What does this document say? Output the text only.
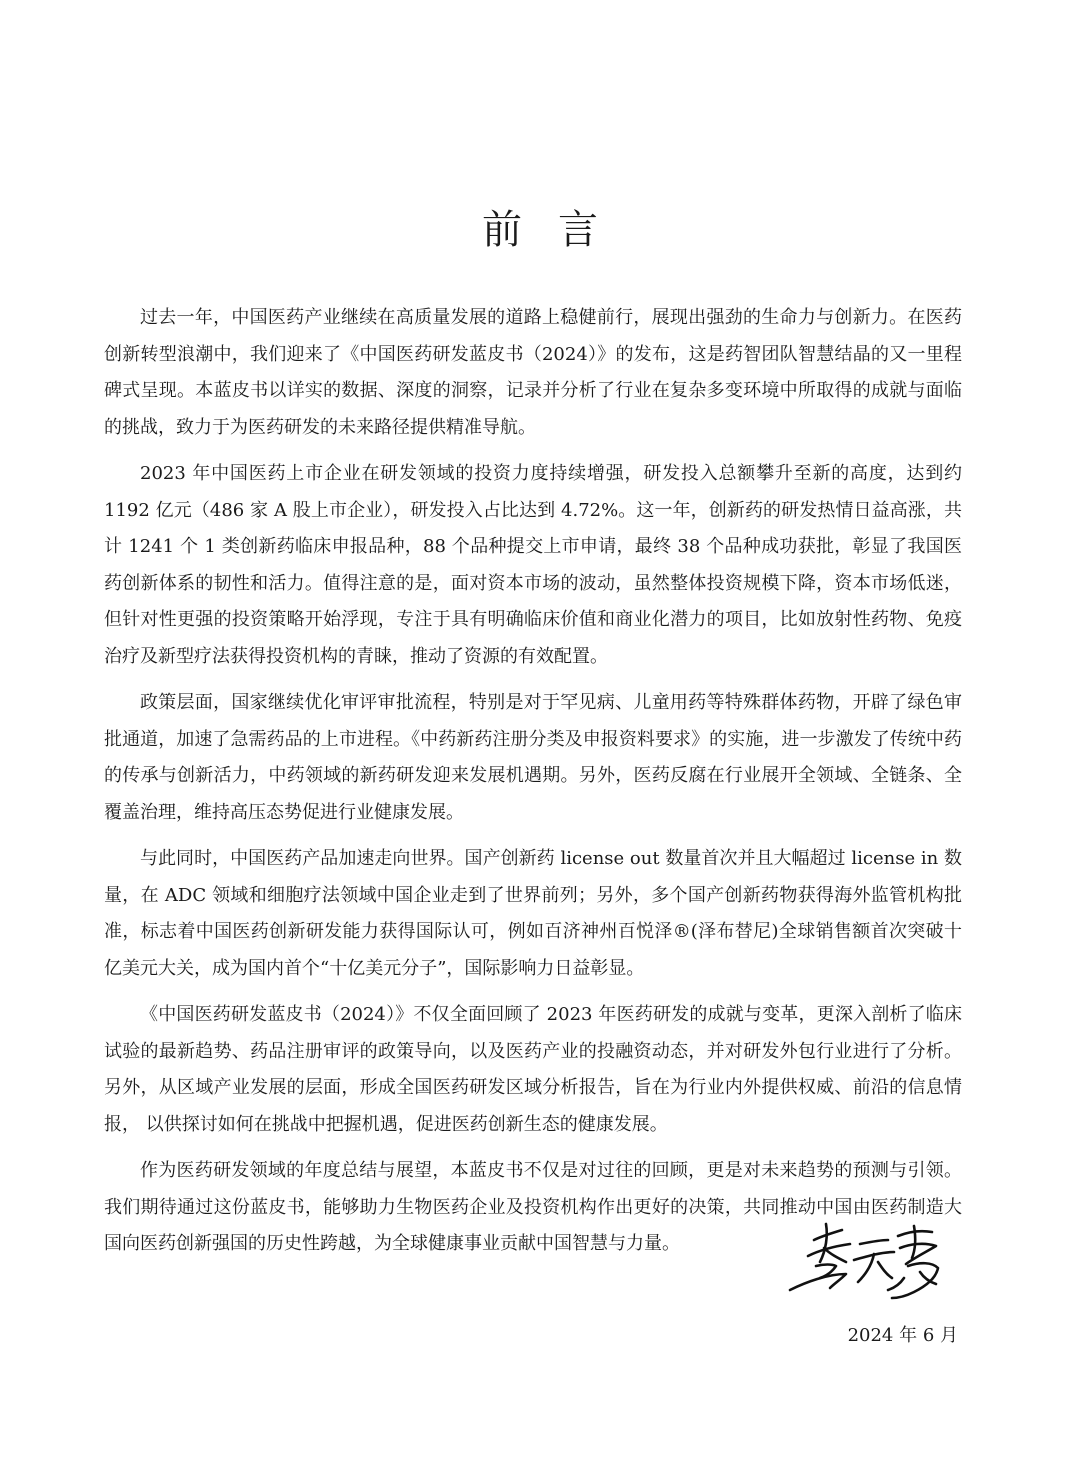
前言

过去一年，中国医药产业继续在高质量发展的道路上稳健前行，展现出强劲的生命力与创新力。在医药创新转型浪潮中，我们迎来了《中国医药研发蓝皮书（2024）》的发布，这是药智团队智慧结晶的又一里程碑式呈现。本蓝皮书以详实的数据、深度的洞察，记录并分析了行业在复杂多变环境中所取得的成就与面临的挑战，致力于为医药研发的未来路径提供精准导航。

2023 年中国医药上市企业在研发领域的投资力度持续增强，研发投入总额攀升至新的高度，达到约 1192 亿元（486 家 A 股上市企业），研发投入占比达到 4.72%。这一年，创新药的研发热情日益高涨，共计 1241 个 1 类创新药临床申报品种，88 个品种提交上市申请，最终 38 个品种成功获批，彰显了我国医药创新体系的韧性和活力。值得注意的是，面对资本市场的波动，虽然整体投资规模下降，资本市场低迷，但针对性更强的投资策略开始浮现，专注于具有明确临床价值和商业化潜力的项目，比如放射性药物、免疫治疗及新型疗法获得投资机构的青睐，推动了资源的有效配置。

政策层面，国家继续优化审评审批流程，特别是对于罕见病、儿童用药等特殊群体药物，开辟了绿色审批通道，加速了急需药品的上市进程。《中药新药注册分类及申报资料要求》的实施，进一步激发了传统中药的传承与创新活力，中药领域的新药研发迎来发展机遇期。另外，医药反腐在行业展开全领域、全链条、全覆盖治理，维持高压态势促进行业健康发展。

与此同时，中国医药产品加速走向世界。国产创新药 license out 数量首次并且大幅超过 license in 数量，在 ADC 领域和细胞疗法领域中国企业走到了世界前列；另外，多个国产创新药物获得海外监管机构批准，标志着中国医药创新研发能力获得国际认可，例如百济神州百悦泽®(泽布替尼)全球销售额首次突破十亿美元大关，成为国内首个“十亿美元分子”，国际影响力日益彰显。

《中国医药研发蓝皮书（2024）》不仅全面回顾了 2023 年医药研发的成就与变革，更深入剖析了临床试验的最新趋势、药品注册审评的政策导向，以及医药产业的投融资动态，并对研发外包行业进行了分析。另外，从区域产业发展的层面，形成全国医药研发区域分析报告，旨在为行业内外提供权威、前沿的信息情报， 以供探讨如何在挑战中把握机遇，促进医药创新生态的健康发展。

作为医药研发领域的年度总结与展望，本蓝皮书不仅是对过往的回顾，更是对未来趋势的预测与引领。我们期待通过这份蓝皮书，能够助力生物医药企业及投资机构作出更好的决策，共同推动中国由医药制造大国向医药创新强国的历史性跨越，为全球健康事业贡献中国智慧与力量。

2024 年 6 月
